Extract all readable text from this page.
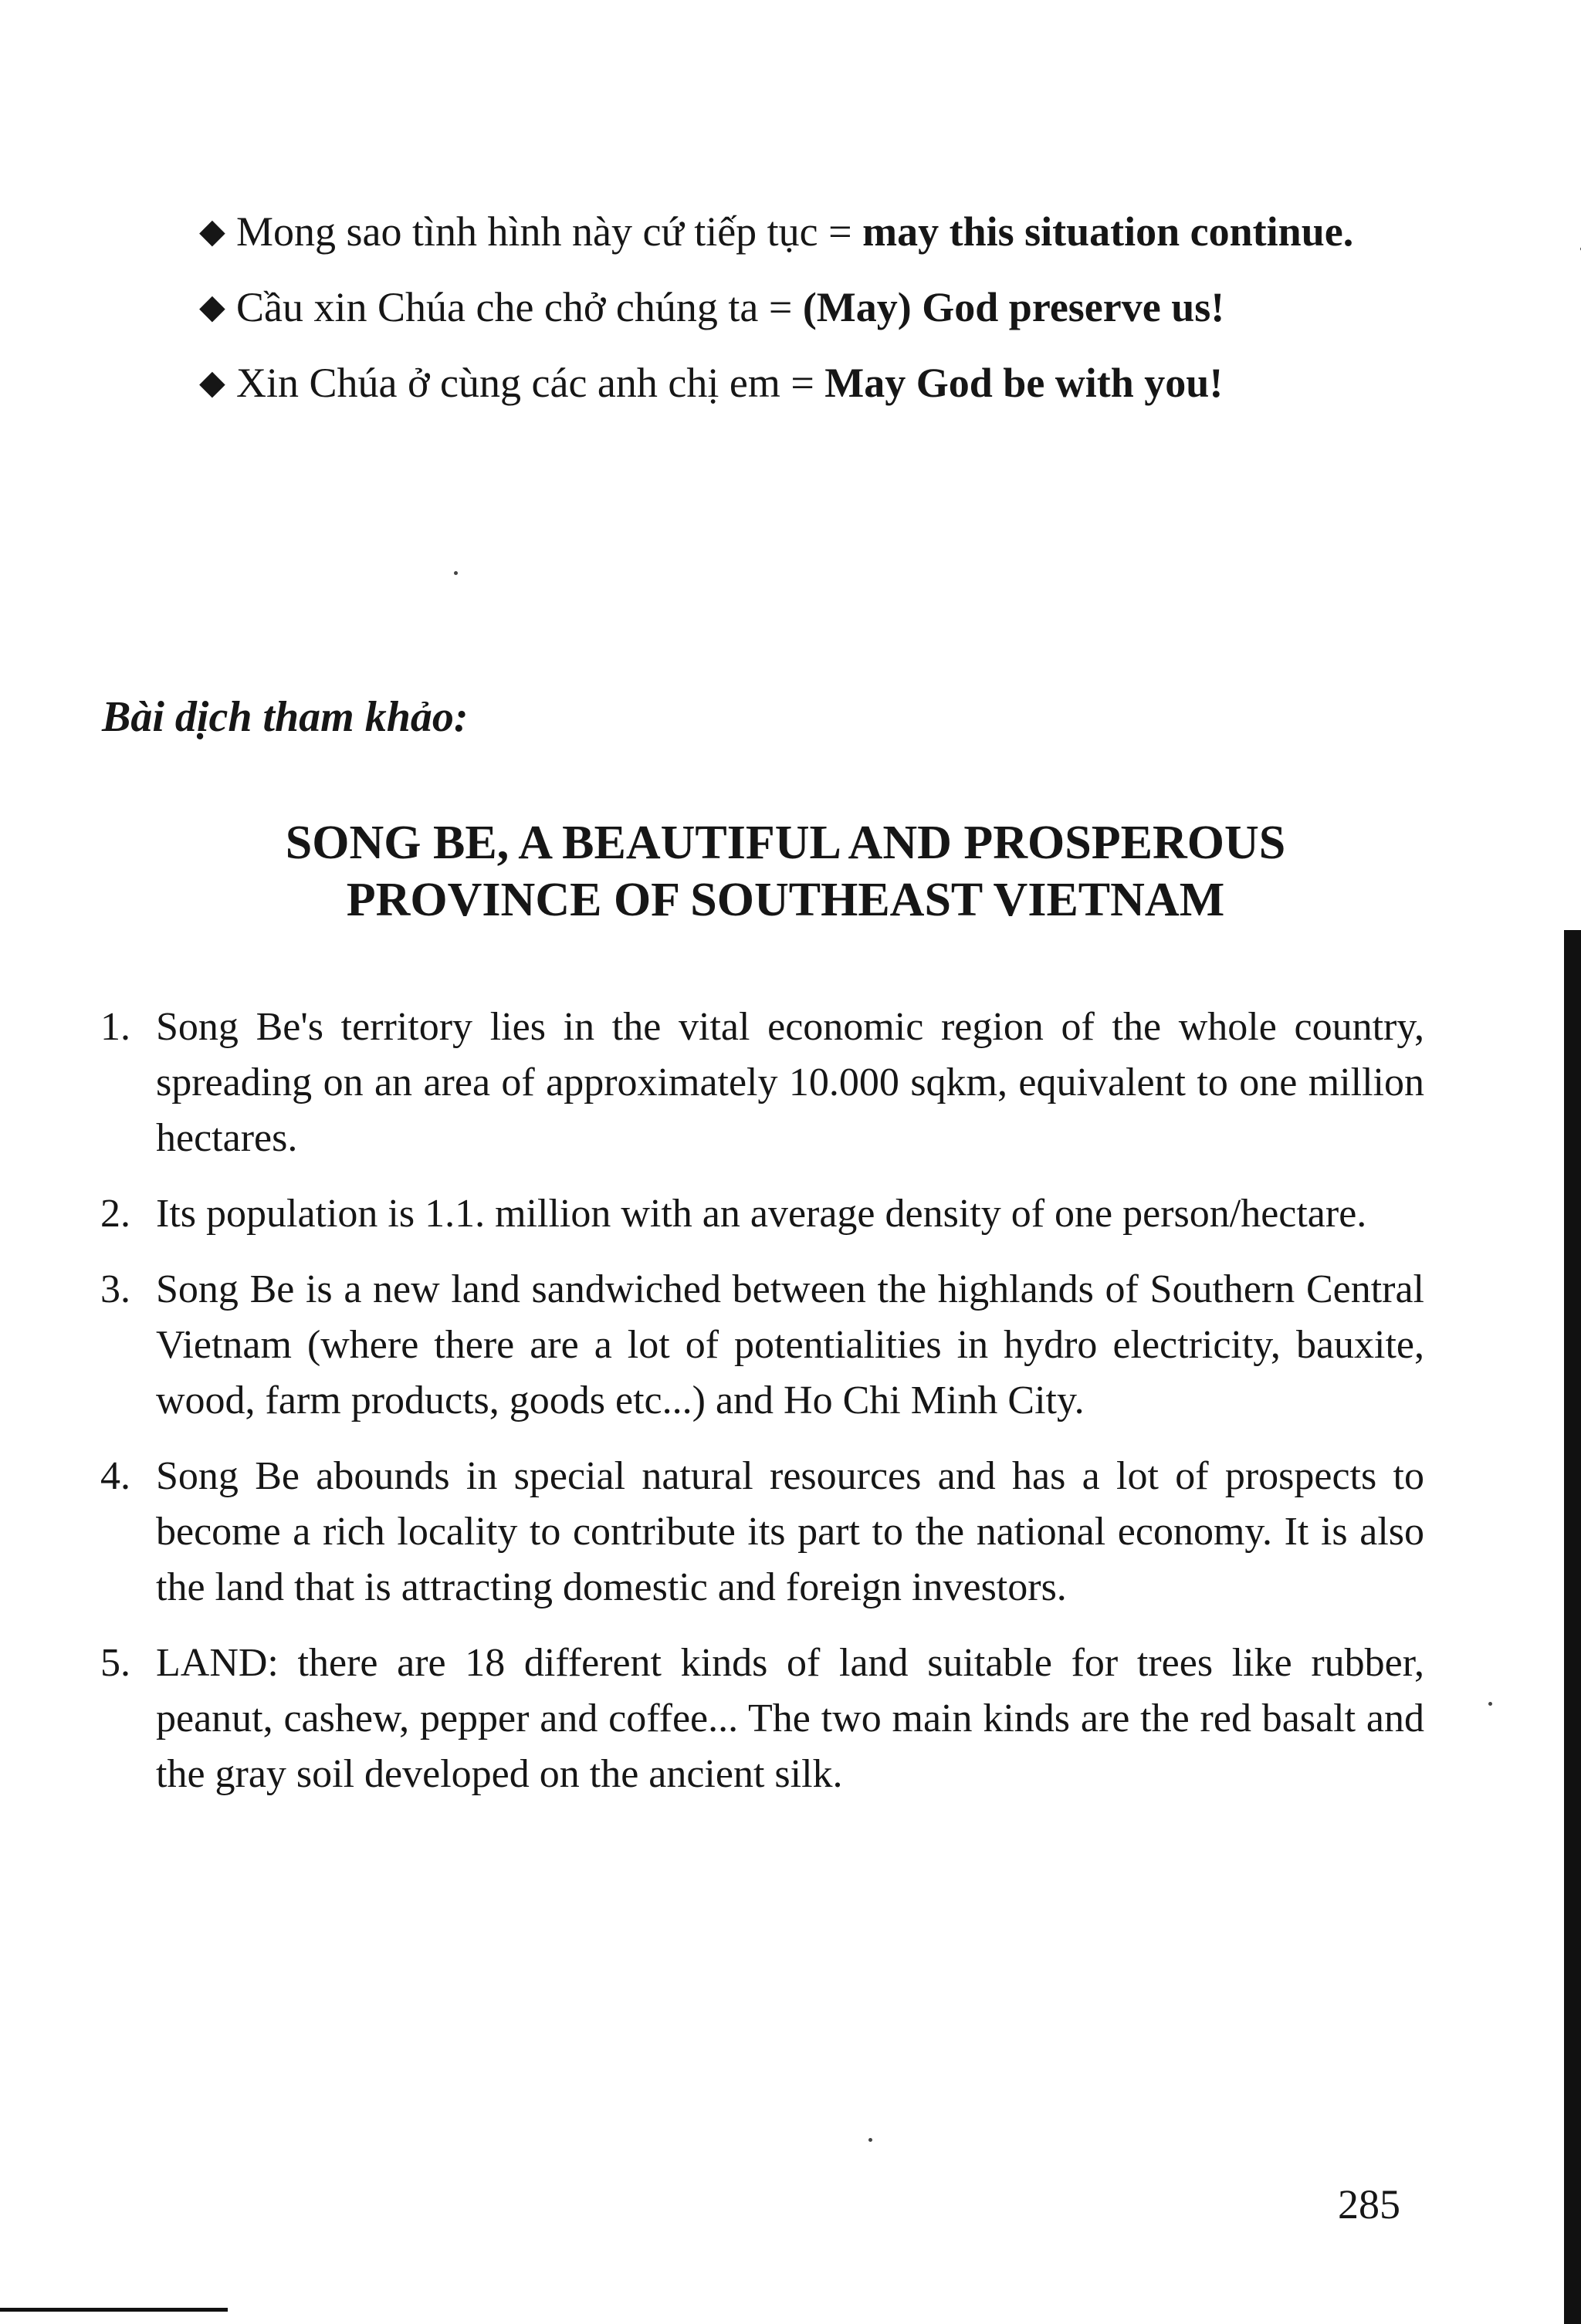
◆ Mong sao tình hình này cứ tiếp tục = may this situation continue.
◆ Cầu xin Chúa che chở chúng ta = (May) God preserve us!
◆ Xin Chúa ở cùng các anh chị em = May God be with you!
Bài dịch tham khảo:
SONG BE, A BEAUTIFUL AND PROSPEROUS
PROVINCE OF SOUTHEAST VIETNAM
1. Song Be's territory lies in the vital economic region of the whole country, spreading on an area of approximately 10.000 sqkm, equivalent to one million hectares.
2. Its population is 1.1. million with an average density of one person/hectare.
3. Song Be is a new land sandwiched between the highlands of Southern Central Vietnam (where there are a lot of potentialities in hydro electricity, bauxite, wood, farm products, goods etc...) and Ho Chi Minh City.
4. Song Be abounds in special natural resources and has a lot of prospects to become a rich locality to contribute its part to the national economy. It is also the land that is attracting domestic and foreign investors.
5. LAND: there are 18 different kinds of land suitable for trees like rubber, peanut, cashew, pepper and coffee... The two main kinds are the red basalt and the gray soil developed on the ancient silk.
285
